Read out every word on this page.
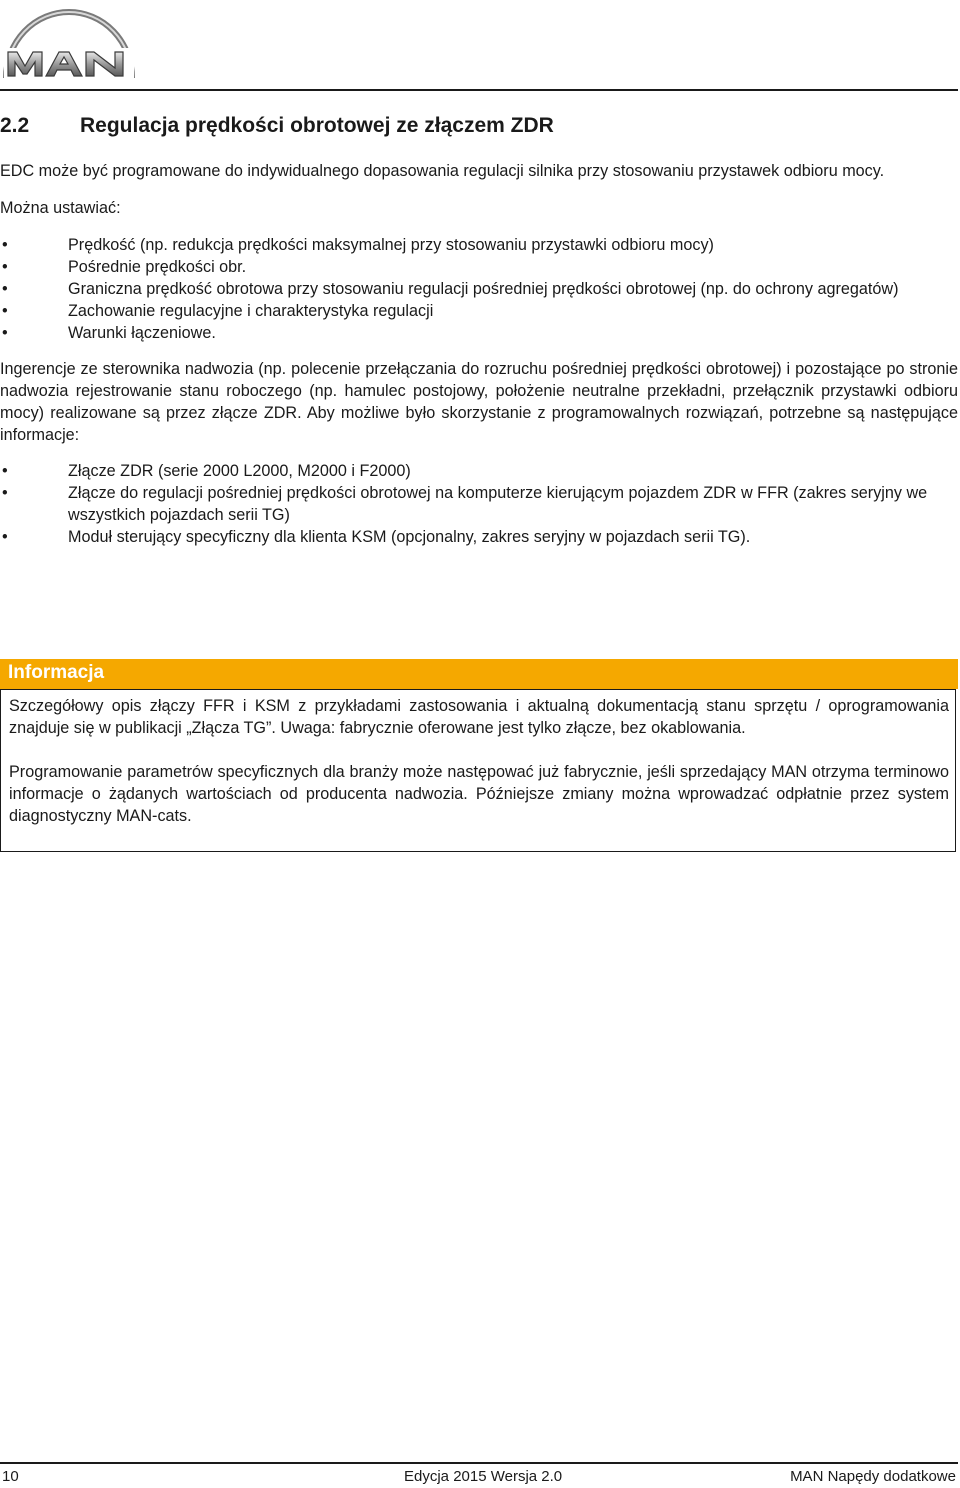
2.2 Regulacja prędkości obrotowej ze złączem ZDR

EDC może być programowane do indywidualnego dopasowania regulacji silnika przy stosowaniu przystawek odbioru mocy.

Można ustawiać:

• Prędkość (np. redukcja prędkości maksymalnej przy stosowaniu przystawki odbioru mocy)
• Pośrednie prędkości obr.
• Graniczna prędkość obrotowa przy stosowaniu regulacji pośredniej prędkości obrotowej (np. do ochrony agregatów)
• Zachowanie regulacyjne i charakterystyka regulacji
• Warunki łączeniowe.

Ingerencje ze sterownika nadwozia (np. polecenie przełączania do rozruchu pośredniej prędkości obrotowej) i pozostające po stronie nadwozia rejestrowanie stanu roboczego (np. hamulec postojowy, położenie neutralne przekładni, przełącznik przystawki odbioru mocy) realizowane są przez złącze ZDR. Aby możliwe było skorzystanie z programowalnych rozwiązań, potrzebne są następujące informacje:

• Złącze ZDR (serie 2000 L2000, M2000 i F2000)
• Złącze do regulacji pośredniej prędkości obrotowej na komputerze kierującym pojazdem ZDR w FFR (zakres seryjny we wszystkich pojazdach serii TG)
• Moduł sterujący specyficzny dla klienta KSM (opcjonalny, zakres seryjny w pojazdach serii TG).
Informacja

Szczegółowy opis złączy FFR i KSM z przykładami zastosowania i aktualną dokumentacją stanu sprzętu / oprogramowania znajduje się w publikacji „Złącza TG”. Uwaga: fabrycznie oferowane jest tylko złącze, bez okablowania.

Programowanie parametrów specyficznych dla branży może następować już fabrycznie, jeśli sprzedający MAN otrzyma terminowo informacje o żądanych wartościach od producenta nadwozia. Późniejsze zmiany można wprowadzać odpłatnie przez system diagnostyczny MAN-cats.

10	Edycja 2015 Wersja 2.0	MAN Napędy dodatkowe
